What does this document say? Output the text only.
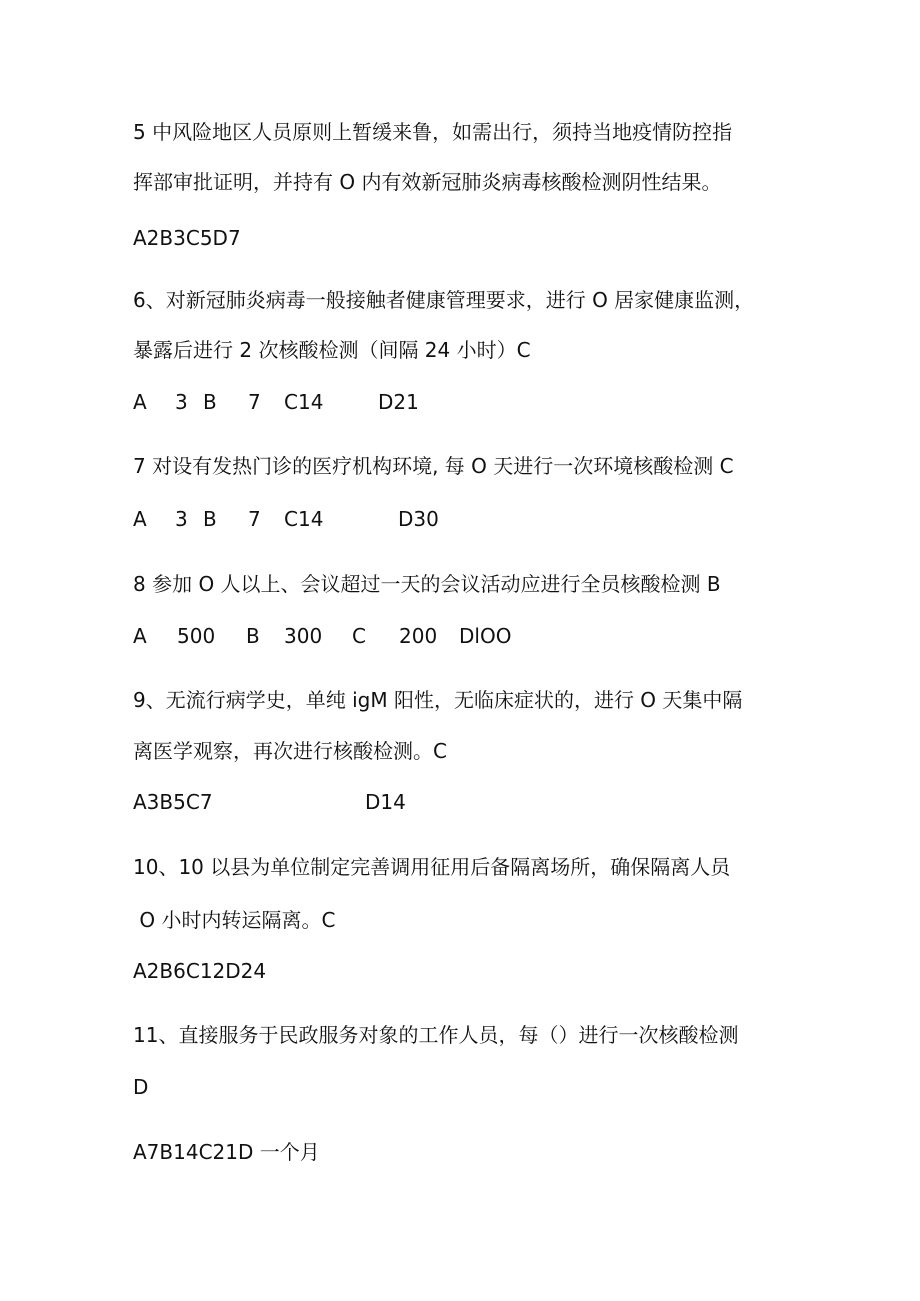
5 中风险地区人员原则上暂缓来鲁，如需出行，须持当地疫情防控指

挥部审批证明，并持有 O 内有效新冠肺炎病毒核酸检测阴性结果。

A2B3C5D7

6、对新冠肺炎病毒一般接触者健康管理要求，进行 O 居家健康监测，

暴露后进行 2 次核酸检测（间隔 24 小时）C

A 3 B 7 C14	D21

7 对设有发热门诊的医疗机构环境, 每 O 天进行一次环境核酸检测 C

A 3 B 7 C14	D30

8 参加 O 人以上、会议超过一天的会议活动应进行全员核酸检测 B

A 500 B 300 C 200 DlOO

9、无流行病学史，单纯 igM 阳性，无临床症状的，进行 O 天集中隔

离医学观察，再次进行核酸检测。C

A3B5C7	D14

10、10 以县为单位制定完善调用征用后备隔离场所，确保隔离人员

O 小时内转运隔离。C

A2B6C12D24

11、直接服务于民政服务对象的工作人员，每（）进行一次核酸检测

D

A7B14C21D 一个月
